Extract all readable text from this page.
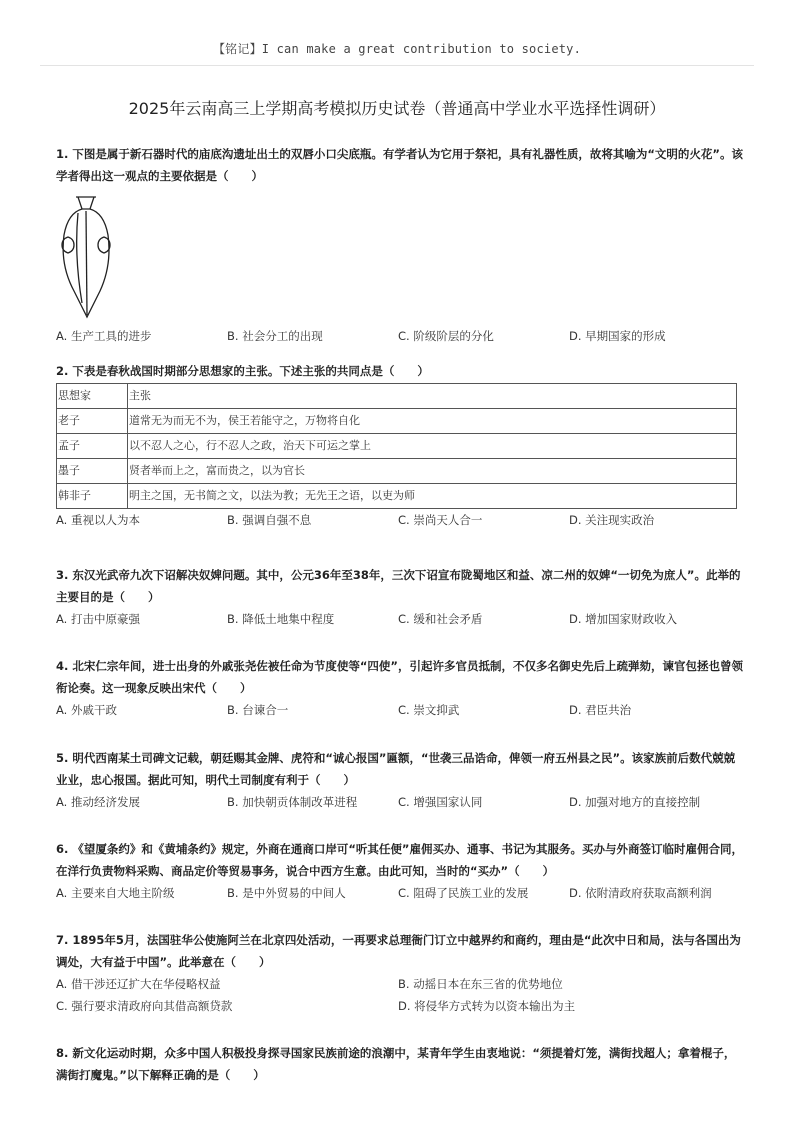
【铭记】I can make a great contribution to society.
2025年云南高三上学期高考模拟历史试卷（普通高中学业水平选择性调研）
1. 下图是属于新石器时代的庙底沟遗址出土的双唇小口尖底瓶。有学者认为它用于祭祀，具有礼器性质，故将其喻为“文明的火花”。该学者得出这一观点的主要依据是（　　）
A. 生产工具的进步	B. 社会分工的出现	C. 阶级阶层的分化	D. 早期国家的形成
2. 下表是春秋战国时期部分思想家的主张。下述主张的共同点是（　　）
思想家	主张
老子	道常无为而无不为，侯王若能守之，万物将自化
孟子	以不忍人之心，行不忍人之政，治天下可运之掌上
墨子	贤者举而上之，富而贵之，以为官长
韩非子	明主之国，无书简之文，以法为教；无先王之语，以吏为师
A. 重视以人为本	B. 强调自强不息	C. 崇尚天人合一	D. 关注现实政治
3. 东汉光武帝九次下诏解决奴婢问题。其中，公元36年至38年，三次下诏宣布陇蜀地区和益、凉二州的奴婢“一切免为庶人”。此举的主要目的是（　　）
A. 打击中原豪强	B. 降低土地集中程度	C. 缓和社会矛盾	D. 增加国家财政收入
4. 北宋仁宗年间，进士出身的外戚张尧佐被任命为节度使等“四使”，引起许多官员抵制，不仅多名御史先后上疏弹劾，谏官包拯也曾领衔论奏。这一现象反映出宋代（　　）
A. 外戚干政	B. 台谏合一	C. 崇文抑武	D. 君臣共治
5. 明代西南某土司碑文记载，朝廷赐其金牌、虎符和“诚心报国”匾额，“世袭三品诰命，俾领一府五州县之民”。该家族前后数代兢兢业业，忠心报国。据此可知，明代土司制度有利于（　　）
A. 推动经济发展	B. 加快朝贡体制改革进程	C. 增强国家认同	D. 加强对地方的直接控制
6. 《望厦条约》和《黄埔条约》规定，外商在通商口岸可“听其任便”雇佣买办、通事、书记为其服务。买办与外商签订临时雇佣合同，在洋行负责物料采购、商品定价等贸易事务，说合中西方生意。由此可知，当时的“买办”（　　）
A. 主要来自大地主阶级	B. 是中外贸易的中间人	C. 阻碍了民族工业的发展	D. 依附清政府获取高额利润
7. 1895年5月，法国驻华公使施阿兰在北京四处活动，一再要求总理衙门订立中越界约和商约，理由是“此次中日和局，法与各国出为调处，大有益于中国”。此举意在（　　）
A. 借干涉还辽扩大在华侵略权益	B. 动摇日本在东三省的优势地位
C. 强行要求清政府向其借高额贷款	D. 将侵华方式转为以资本输出为主
8. 新文化运动时期，众多中国人积极投身探寻国家民族前途的浪潮中，某青年学生由衷地说：“须提着灯笼，满街找超人；拿着棍子，满街打魔鬼。”以下解释正确的是（　　）
